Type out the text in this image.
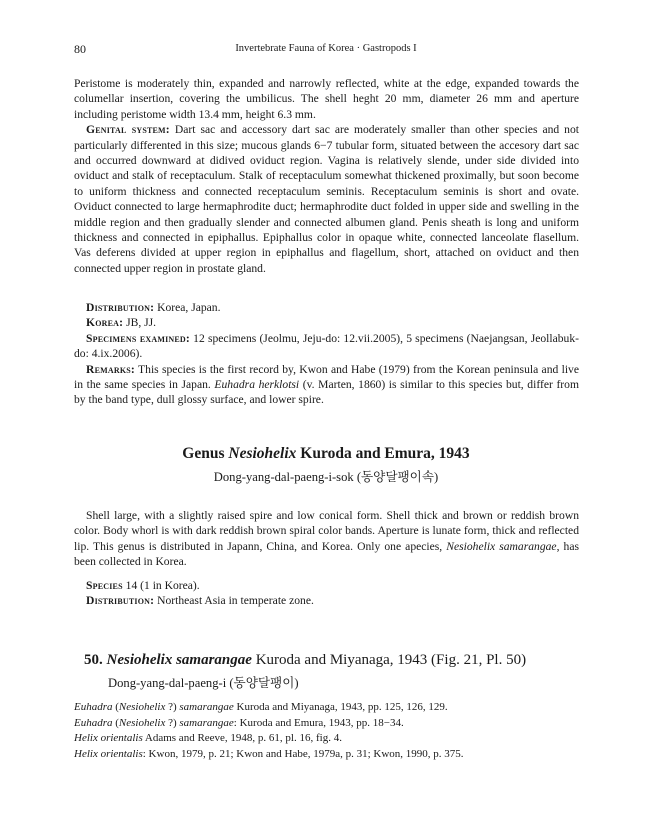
80	Invertebrate Fauna of Korea · Gastropods I

Peristome is moderately thin, expanded and narrowly reflected, white at the edge, expanded towards the columellar insertion, covering the umbilicus. The shell heght 20 mm, diameter 26 mm and aperture including peristome width 13.4 mm, height 6.3 mm.

Genital system: Dart sac and accessory dart sac are moderately smaller than other species and not particularly differented in this size; mucous glands 6−7 tubular form, situated between the accesory dart sac and occurred downward at didived oviduct region. Vagina is relatively slende, under side divided into oviduct and stalk of receptaculum. Stalk of receptaculum somewhat thickened proximally, but soon become to uniform thickness and connected receptaculum seminis. Receptaculum seminis is short and ovate. Oviduct connected to large hermaphrodite duct; hermaphrodite duct folded in upper side and swelling in the middle region and then gradually slender and connected albumen gland. Penis sheath is long and uniform thickness and connected in epiphallus. Epiphallus color in opaque white, connected lanceolate flasellum. Vas deferens divided at upper region in epiphallus and flagellum, short, attached on oviduct and then connected upper region in prostate gland.

Distribution: Korea, Japan.

Korea: JB, JJ.

Specimens examined: 12 specimens (Jeolmu, Jeju-do: 12.vii.2005), 5 specimens (Naejangsan, Jeollabuk-do: 4.ix.2006).

Remarks: This species is the first record by, Kwon and Habe (1979) from the Korean peninsula and live in the same species in Japan. Euhadra herklotsi (v. Marten, 1860) is similar to this species but, differ from by the band type, dull glossy surface, and lower spire.

Genus Nesiohelix Kuroda and Emura, 1943
Dong-yang-dal-paeng-i-sok (동양달팽이속)

Shell large, with a slightly raised spire and low conical form. Shell thick and brown or reddish brown color. Body whorl is with dark reddish brown spiral color bands. Aperture is lunate form, thick and reflected lip. This genus is distributed in Japann, China, and Korea. Only one apecies, Nesiohelix samarangae, has been collected in Korea.

Species 14 (1 in Korea).

Distribution: Northeast Asia in temperate zone.

50. Nesiohelix samarangae Kuroda and Miyanaga, 1943 (Fig. 21, Pl. 50)
Dong-yang-dal-paeng-i (동양달팽이)
Euhadra (Nesiohelix ?) samarangae Kuroda and Miyanaga, 1943, pp. 125, 126, 129.
Euhadra (Nesiohelix ?) samarangae: Kuroda and Emura, 1943, pp. 18−34.
Helix orientalis Adams and Reeve, 1948, p. 61, pl. 16, fig. 4.
Helix orientalis: Kwon, 1979, p. 21; Kwon and Habe, 1979a, p. 31; Kwon, 1990, p. 375.
